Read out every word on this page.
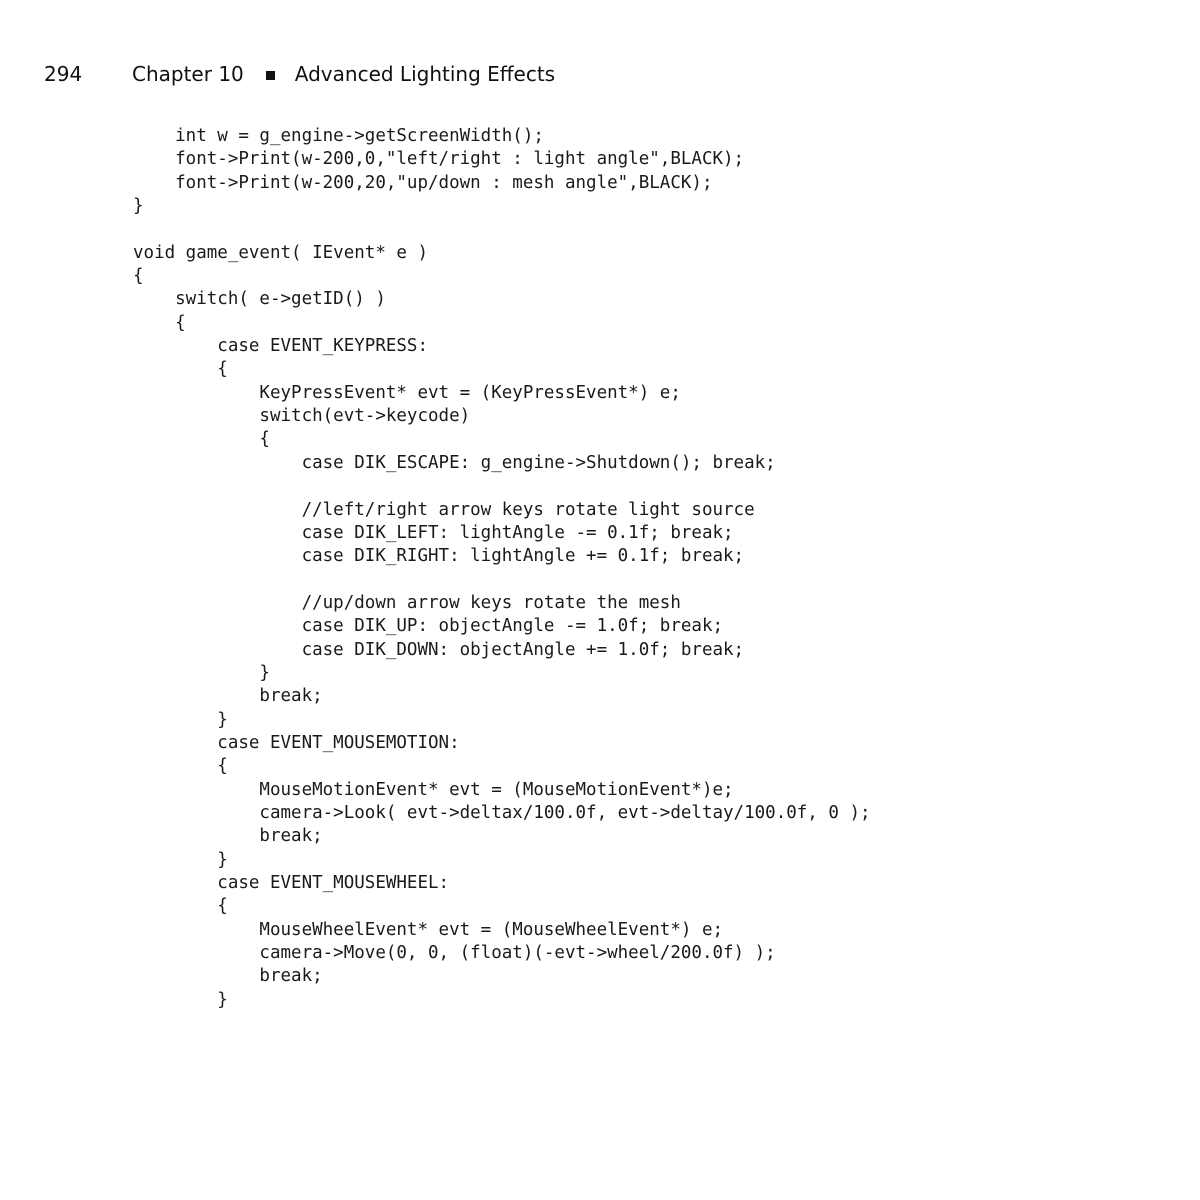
294	Chapter 10	Advanced Lighting Effects
int w = g_engine->getScreenWidth();
font->Print(w-200,0,"left/right : light angle",BLACK);
font->Print(w-200,20,"up/down : mesh angle",BLACK);
}

void game_event( IEvent* e )
{
switch( e->getID() )
{
case EVENT_KEYPRESS:
{
KeyPressEvent* evt = (KeyPressEvent*) e;
switch(evt->keycode)
{
case DIK_ESCAPE: g_engine->Shutdown(); break;

//left/right arrow keys rotate light source
case DIK_LEFT: lightAngle -= 0.1f; break;
case DIK_RIGHT: lightAngle += 0.1f; break;

//up/down arrow keys rotate the mesh
case DIK_UP: objectAngle -= 1.0f; break;
case DIK_DOWN: objectAngle += 1.0f; break;
}
break;
}
case EVENT_MOUSEMOTION:
{
MouseMotionEvent* evt = (MouseMotionEvent*)e;
camera->Look( evt->deltax/100.0f, evt->deltay/100.0f, 0 );
break;
}
case EVENT_MOUSEWHEEL:
{
MouseWheelEvent* evt = (MouseWheelEvent*) e;
camera->Move(0, 0, (float)(-evt->wheel/200.0f) );
break;
}
